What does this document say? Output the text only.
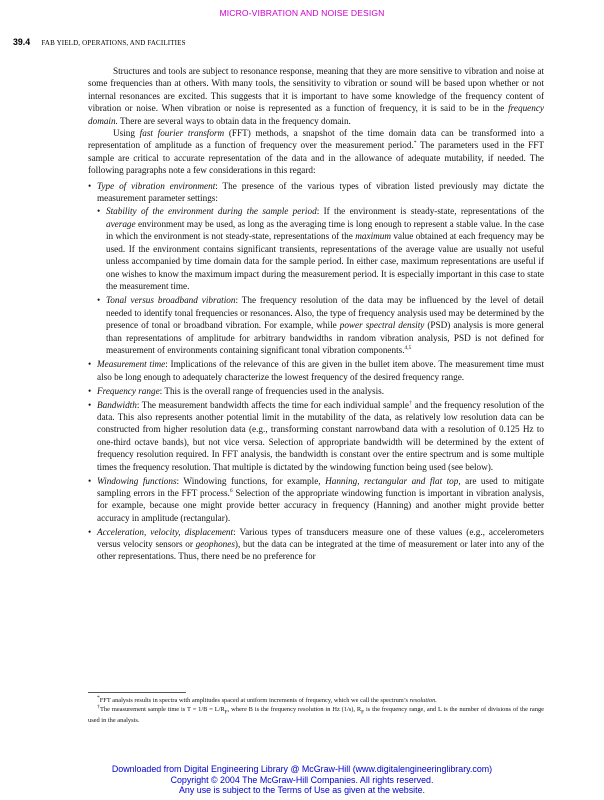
MICRO-VIBRATION AND NOISE DESIGN
39.4 FAB YIELD, OPERATIONS, AND FACILITIES

Structures and tools are subject to resonance response, meaning that they are more sensitive to vibration and noise at some frequencies than at others. With many tools, the sensitivity to vibration or sound will be based upon whether or not internal resonances are excited. This suggests that it is important to have some knowledge of the frequency content of vibration or noise. When vibration or noise is represented as a function of frequency, it is said to be in the frequency domain. There are several ways to obtain data in the frequency domain.

Using fast fourier transform (FFT) methods, a snapshot of the time domain data can be transformed into a representation of amplitude as a function of frequency over the measurement period.* The parameters used in the FFT sample are critical to accurate representation of the data and in the allowance of adequate mutability, if needed. The following paragraphs note a few considerations in this regard:

• Type of vibration environment: The presence of the various types of vibration listed previously may dictate the measurement parameter settings:
• Stability of the environment during the sample period: If the environment is steady-state, representations of the average environment may be used, as long as the averaging time is long enough to represent a stable value. In the case in which the environment is not steady-state, representations of the maximum value obtained at each frequency may be used. If the environment contains significant transients, representations of the average value are usually not useful unless accompanied by time domain data for the sample period. In either case, maximum representations are useful if one wishes to know the maximum impact during the measurement period. It is especially important in this case to state the measurement time.
• Tonal versus broadband vibration: The frequency resolution of the data may be influenced by the level of detail needed to identify tonal frequencies or resonances. Also, the type of frequency analysis used may be determined by the presence of tonal or broadband vibration. For example, while power spectral density (PSD) analysis is more general than representations of amplitude for arbitrary bandwidths in random vibration analysis, PSD is not defined for measurement of environments containing significant tonal vibration components.$^{4,5}$
• Measurement time: Implications of the relevance of this are given in the bullet item above. The measurement time must also be long enough to adequately characterize the lowest frequency of the desired frequency range.
• Frequency range: This is the overall range of frequencies used in the analysis.
• Bandwidth: The measurement bandwidth affects the time for each individual sample† and the frequency resolution of the data. This also represents another potential limit in the mutability of the data, as relatively low resolution data can be constructed from higher resolution data (e.g., transforming constant narrowband data with a resolution of 0.125 Hz to one-third octave bands), but not vice versa. Selection of appropriate bandwidth will be determined by the extent of frequency resolution required. In FFT analysis, the bandwidth is constant over the entire spectrum and is some multiple times the frequency resolution. That multiple is dictated by the windowing function being used (see below).
• Windowing functions: Windowing functions, for example, Hanning, rectangular and flat top, are used to mitigate sampling errors in the FFT process.$^6$ Selection of the appropriate windowing function is important in vibration analysis, for example, because one might provide better accuracy in frequency (Hanning) and another might provide better accuracy in amplitude (rectangular).
• Acceleration, velocity, displacement: Various types of transducers measure one of these values (e.g., accelerometers versus velocity sensors or geophones), but the data can be integrated at the time of measurement or later into any of the other representations. Thus, there need be no preference for

*FFT analysis results in spectra with amplitudes spaced at uniform increments of frequency, which we call the spectrum’s resolution.

†The measurement sample time is $T = 1/B = L/R_F$, where B is the frequency resolution in Hz (1/s), $R_F$ is the frequency range, and L is the number of divisions of the range used in the analysis.

Downloaded from Digital Engineering Library @ McGraw-Hill (www.digitalengineeringlibrary.com)
Copyright © 2004 The McGraw-Hill Companies. All rights reserved.
Any use is subject to the Terms of Use as given at the website.
